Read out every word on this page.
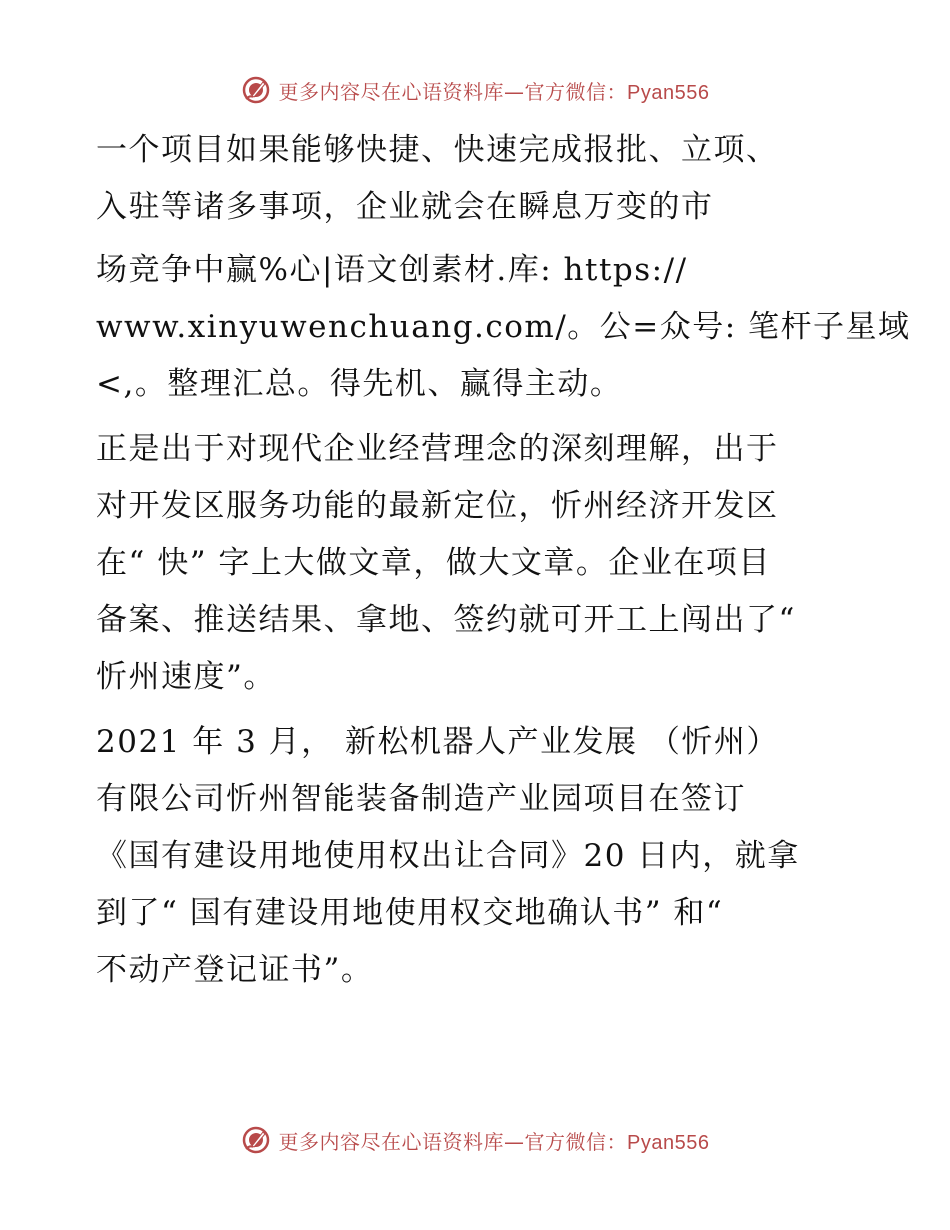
更多内容尽在心语资料库—官方微信：Pyan556

一个项目如果能够快捷、快速完成报批、立项、
入驻等诸多事项，企业就会在瞬息万变的市

场竞争中赢%心|语文创素材.库: https://
www.xinyuwenchuang.com/。公=众号: 笔杆子星域
<,。整理汇总。得先机、赢得主动。

正是出于对现代企业经营理念的深刻理解，出于
对开发区服务功能的最新定位，忻州经济开发区
在“ 快” 字上大做文章，做大文章。企业在项目
备案、推送结果、拿地、签约就可开工上闯出了“
忻州速度”。

2021 年 3 月， 新松机器人产业发展 （忻州）
有限公司忻州智能装备制造产业园项目在签订
《国有建设用地使用权出让合同》20 日内，就拿
到了“ 国有建设用地使用权交地确认书” 和“
不动产登记证书”。

更多内容尽在心语资料库—官方微信：Pyan556
